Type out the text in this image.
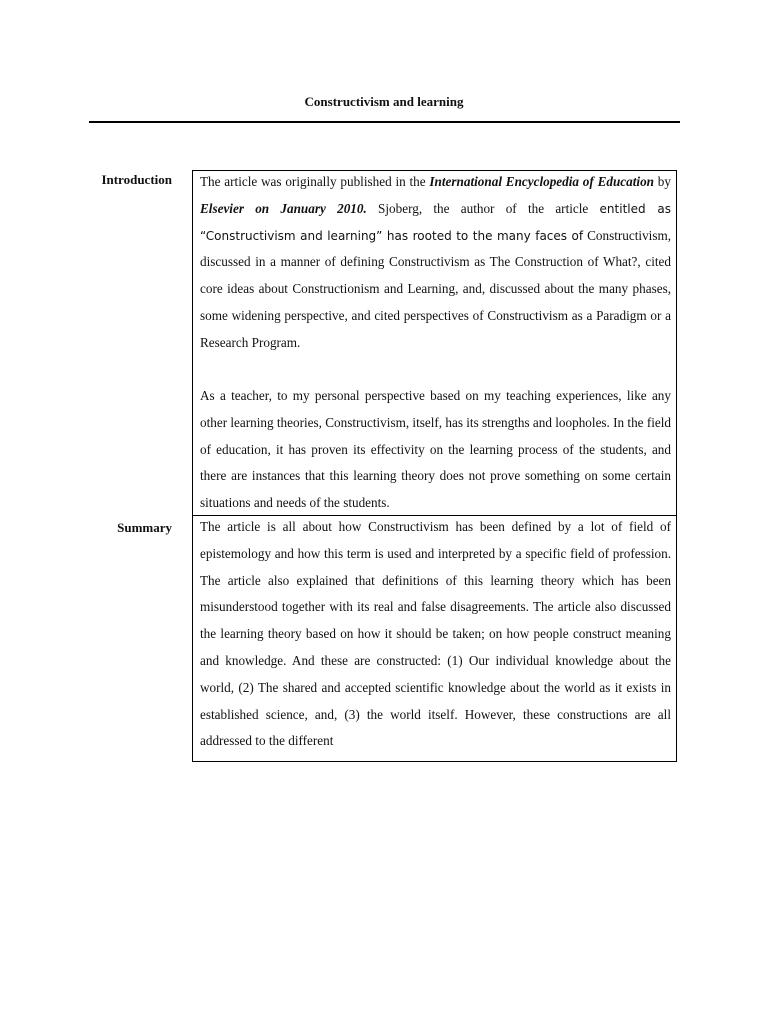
Constructivism and learning
Introduction The article was originally published in the International Encyclopedia of Education by Elsevier on January 2010. Sjoberg, the author of the article entitled as “Constructivism and learning” has rooted to the many faces of Constructivism, discussed in a manner of defining Constructivism as The Construction of What?, cited core ideas about Constructionism and Learning, and, discussed about the many phases, some widening perspective, and cited perspectives of Constructivism as a Paradigm or a Research Program.

As a teacher, to my personal perspective based on my teaching experiences, like any other learning theories, Constructivism, itself, has its strengths and loopholes. In the field of education, it has proven its effectivity on the learning process of the students, and there are instances that this learning theory does not prove something on some certain situations and needs of the students.

Summary The article is all about how Constructivism has been defined by a lot of field of epistemology and how this term is used and interpreted by a specific field of profession. The article also explained that definitions of this learning theory which has been misunderstood together with its real and false disagreements. The article also discussed the learning theory based on how it should be taken; on how people construct meaning and knowledge. And these are constructed: (1) Our individual knowledge about the world, (2) The shared and accepted scientific knowledge about the world as it exists in established science, and, (3) the world itself. However, these constructions are all addressed to the different
